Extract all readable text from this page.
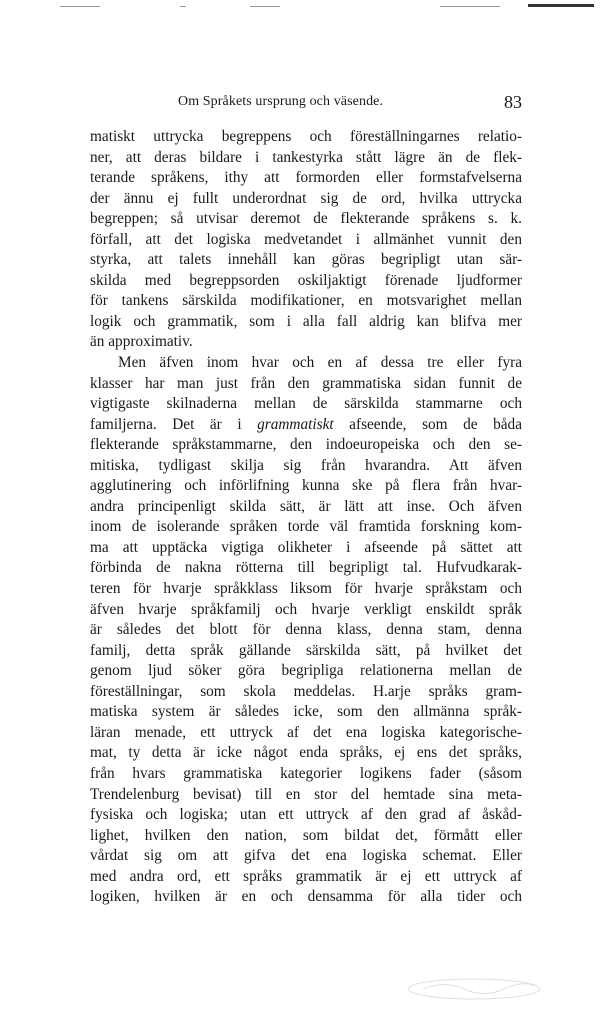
Om Språkets ursprung och väsende.	83
matiskt uttrycka begreppens och föreställningarnes relatio-
ner, att deras bildare i tankestyrka stått lägre än de flek-
terande språkens, ithy att formorden eller formstafvelserna
der ännu ej fullt underordnat sig de ord, hvilka uttrycka
begreppen; så utvisar deremot de flekterande språkens s. k.
förfall, att det logiska medvetandet i allmänhet vunnit den
styrka, att talets innehåll kan göras begripligt utan sär-
skilda med begreppsorden oskiljaktigt förenade ljudformer
för tankens särskilda modifikationer, en motsvarighet mellan
logik och grammatik, som i alla fall aldrig kan blifva mer
än approximativ.
Men äfven inom hvar och en af dessa tre eller fyra
klasser har man just från den grammatiska sidan funnit de
vigtigaste skilnaderna mellan de särskilda stammarne och
familjerna. Det är i grammatiskt afseende, som de båda
flekterande språkstammarne, den indoeuropeiska och den se-
mitiska, tydligast skilja sig från hvarandra. Att äfven
agglutinering och införlifning kunna ske på flera från hvar-
andra principenligt skilda sätt, är lätt att inse. Och äfven
inom de isolerande språken torde väl framtida forskning kom-
ma att upptäcka vigtiga olikheter i afseende på sättet att
förbinda de nakna rötterna till begripligt tal. Hufvudkarak-
teren för hvarje språkklass liksom för hvarje språkstam och
äfven hvarje språkfamilj och hvarje verkligt enskildt språk
är således det blott för denna klass, denna stam, denna
familj, detta språk gällande särskilda sätt, på hvilket det
genom ljud söker göra begripliga relationerna mellan de
föreställningar, som skola meddelas. H.arje språks gram-
matiska system är således icke, som den allmänna språk-
läran menade, ett uttryck af det ena logiska kategorische-
mat, ty detta är icke något enda språks, ej ens det språks,
från hvars grammatiska kategorier logikens fader (såsom
Trendelenburg bevisat) till en stor del hemtade sina meta-
fysiska och logiska; utan ett uttryck af den grad af åskåd-
lighet, hvilken den nation, som bildat det, förmått eller
vårdat sig om att gifva det ena logiska schemat. Eller
med andra ord, ett språks grammatik är ej ett uttryck af
logiken, hvilken är en och densamma för alla tider och
